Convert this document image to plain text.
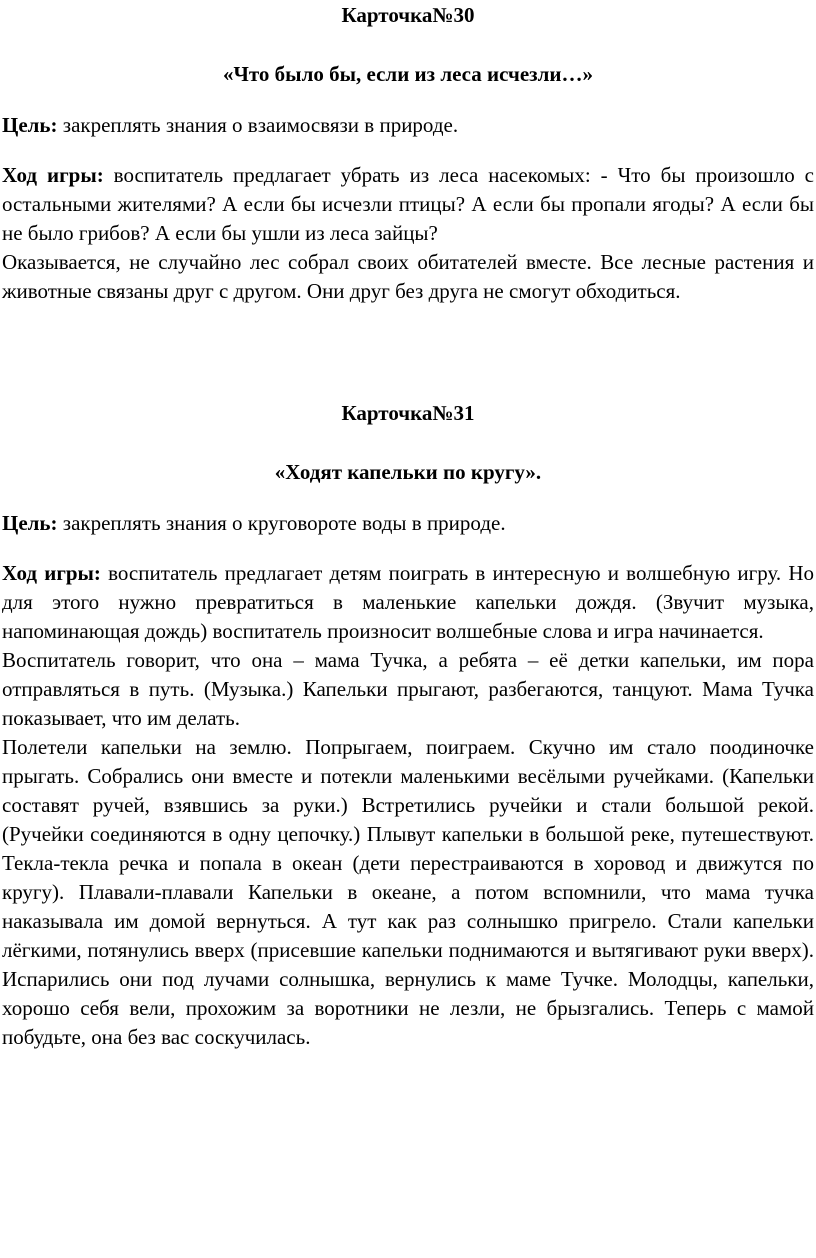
Карточка№30
«Что было бы, если из леса исчезли…»

Цель: закреплять знания о взаимосвязи в природе.

Ход игры: воспитатель предлагает убрать из леса насекомых: - Что бы произошло с остальными жителями? А если бы исчезли птицы? А если бы пропали ягоды? А если бы не было грибов? А если бы ушли из леса зайцы?

Оказывается, не случайно лес собрал своих обитателей вместе. Все лесные растения и животные связаны друг с другом. Они друг без друга не смогут обходиться.

Карточка№31
«Ходят капельки по кругу».

Цель: закреплять знания о круговороте воды в природе.

Ход игры: воспитатель предлагает детям поиграть в интересную и волшебную игру. Но для этого нужно превратиться в маленькие капельки дождя. (Звучит музыка, напоминающая дождь) воспитатель произносит волшебные слова и игра начинается.

Воспитатель говорит, что она – мама Тучка, а ребята – её детки капельки, им пора отправляться в путь. (Музыка.) Капельки прыгают, разбегаются, танцуют. Мама Тучка показывает, что им делать.

Полетели капельки на землю. Попрыгаем, поиграем. Скучно им стало поодиночке прыгать. Собрались они вместе и потекли маленькими весёлыми ручейками. (Капельки составят ручей, взявшись за руки.) Встретились ручейки и стали большой рекой. (Ручейки соединяются в одну цепочку.) Плывут капельки в большой реке, путешествуют. Текла-текла речка и попала в океан (дети перестраиваются в хоровод и движутся по кругу). Плавали-плавали Капельки в океане, а потом вспомнили, что мама тучка наказывала им домой вернуться. А тут как раз солнышко пригрело. Стали капельки лёгкими, потянулись вверх (присевшие капельки поднимаются и вытягивают руки вверх). Испарились они под лучами солнышка, вернулись к маме Тучке. Молодцы, капельки, хорошо себя вели, прохожим за воротники не лезли, не брызгались. Теперь с мамой побудьте, она без вас соскучилась.
